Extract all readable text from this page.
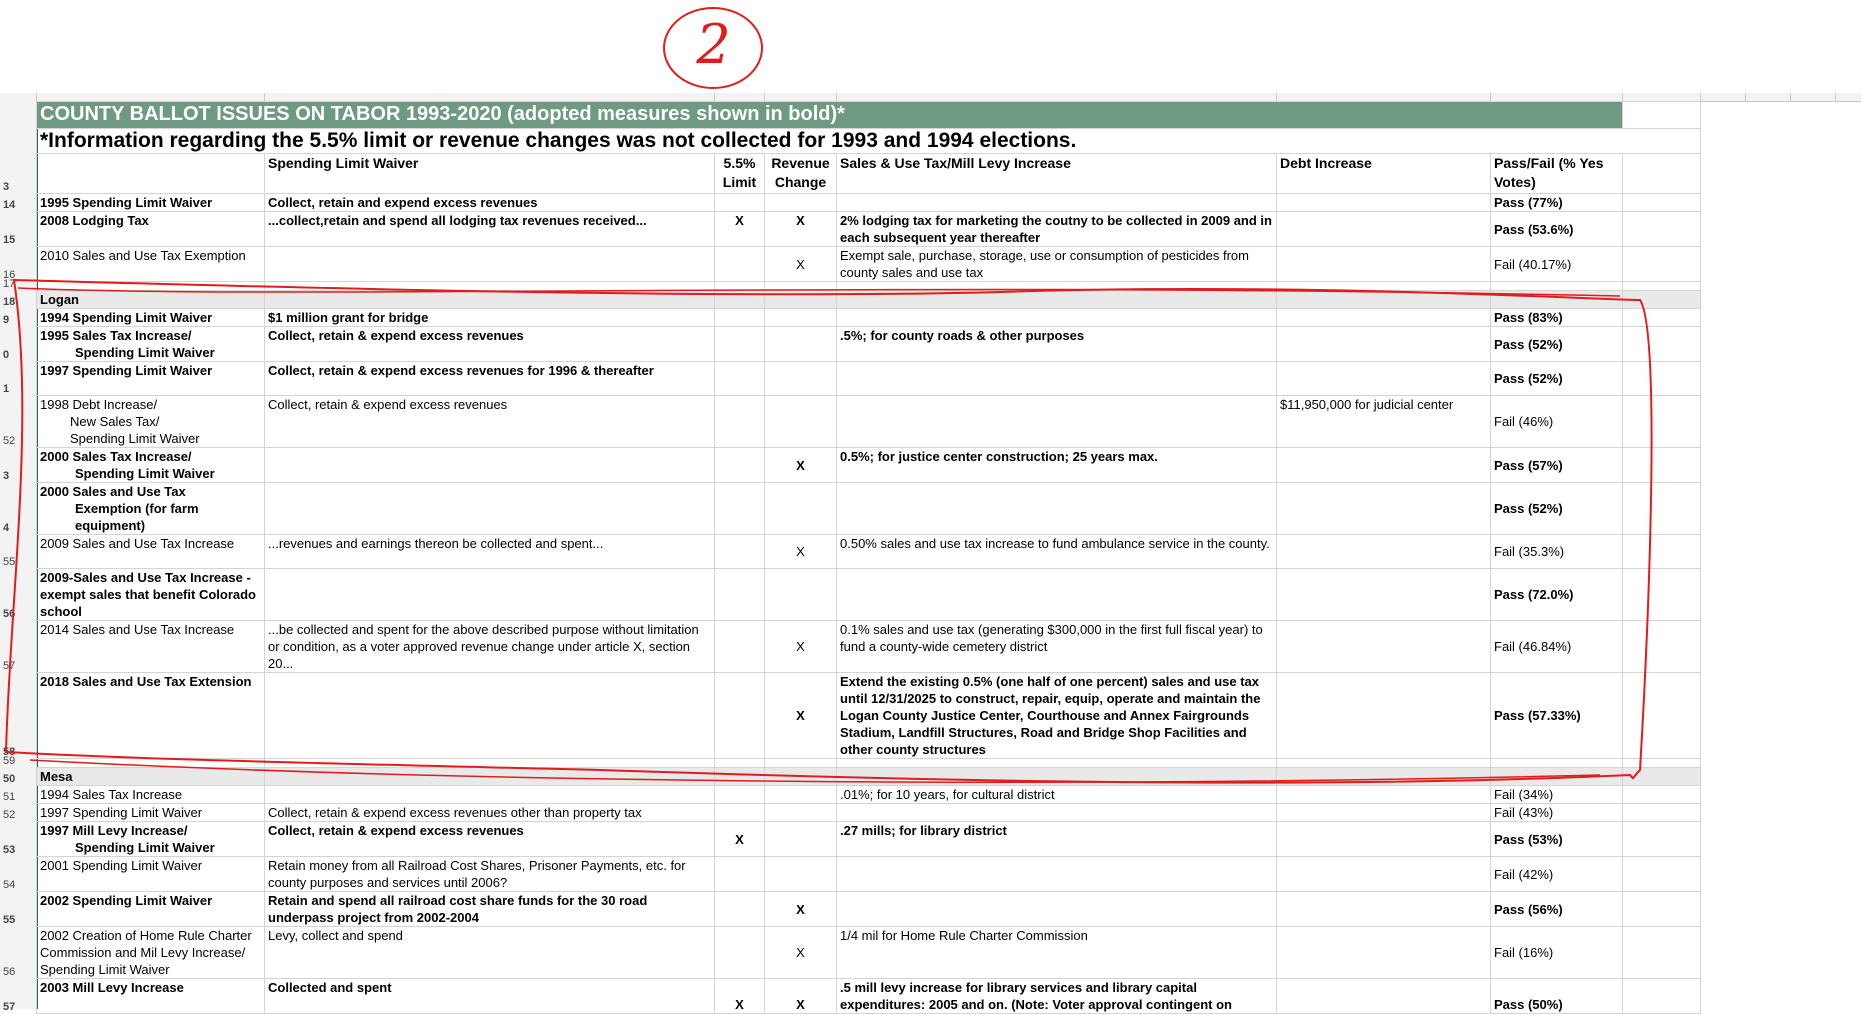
2
COUNTY BALLOT ISSUES ON TABOR 1993-2020 (adopted measures shown in bold)*							
*Information regarding the 5.5% limit or revenue changes was not collected for 1993 and 1994 elections.							

3	Spending Limit Waiver	5.5% Limit	Revenue Change	Sales & Use Tax/Mill Levy Increase	Debt Increase	Pass/Fail (% Yes Votes)	

14 1995 Spending Limit Waiver	Collect, retain and expend excess revenues					Pass (77%)	

15
2008 Lodging Tax	...collect,retain and spend all lodging tax revenues received...	X	X	2% lodging tax for marketing the coutny to be collected in 2009 and in each subsequent year thereafter		Pass (53.6%)	

16
2010 Sales and Use Tax Exemption			X	Exempt sale, purchase, storage, use or consumption of pesticides from county sales and use tax		Fail (40.17%)	

17							

18 Logan							

9 1994 Spending Limit Waiver	$1 million grant for bridge					Pass (83%)	

0
1995 Sales Tax Increase/
Spending Limit Waiver	Collect, retain & expend excess revenues			.5%; for county roads & other purposes		Pass (52%)	

1
1997 Spending Limit Waiver	Collect, retain & expend excess revenues for 1996 & thereafter					Pass (52%)	

52
1998 Debt Increase/
New Sales Tax/
Spending Limit Waiver	Collect, retain & expend excess revenues				$11,950,000 for judicial center	Fail (46%)	

3
2000 Sales Tax Increase/
Spending Limit Waiver			X	0.5%; for justice center construction; 25 years max.		Pass (57%)	

4
2000 Sales and Use Tax
Exemption (for farm
equipment)						Pass (52%)	

55
2009 Sales and Use Tax Increase	...revenues and earnings thereon be collected and spent...		X	0.50% sales and use tax increase to fund ambulance service in the county.		Fail (35.3%)	

56
2009-Sales and Use Tax Increase - exempt sales that benefit Colorado school						Pass (72.0%)	

57
2014 Sales and Use Tax Increase	...be collected and spent for the above described purpose without limitation or condition, as a voter approved revenue change under article X, section 20...		X	0.1% sales and use tax (generating $300,000 in the first full fiscal year) to fund a county-wide cemetery district		Fail (46.84%)	

58
2018 Sales and Use Tax Extension			X	Extend the existing 0.5% (one half of one percent) sales and use tax until 12/31/2025 to construct, repair, equip, operate and maintain the Logan County Justice Center, Courthouse and Annex Fairgrounds Stadium, Landfill Structures, Road and Bridge Shop Facilities and other county structures		Pass (57.33%)	

59							

50 Mesa							

51 1994 Sales Tax Increase				.01%; for 10 years, for cultural district		Fail (34%)	

52 1997 Spending Limit Waiver	Collect, retain & expend excess revenues other than property tax					Fail (43%)	

53
1997 Mill Levy Increase/
Spending Limit Waiver	Collect, retain & expend excess revenues	X		.27 mills; for library district		Pass (53%)	

54
2001 Spending Limit Waiver	Retain money from all Railroad Cost Shares, Prisoner Payments, etc. for county purposes and services until 2006?					Fail (42%)	

55
2002 Spending Limit Waiver	Retain and spend all railroad cost share funds for the 30 road underpass project from 2002-2004		X			Pass (56%)	

56
2002 Creation of Home Rule Charter Commission and Mil Levy Increase/ Spending Limit Waiver	Levy, collect and spend		X	1/4 mil for Home Rule Charter Commission		Fail (16%)	

57
2003 Mill Levy Increase	Collected and spent	X	X	.5 mill levy increase for library services and library capital expenditures: 2005 and on. (Note: Voter approval contingent on		Pass (50%)	
